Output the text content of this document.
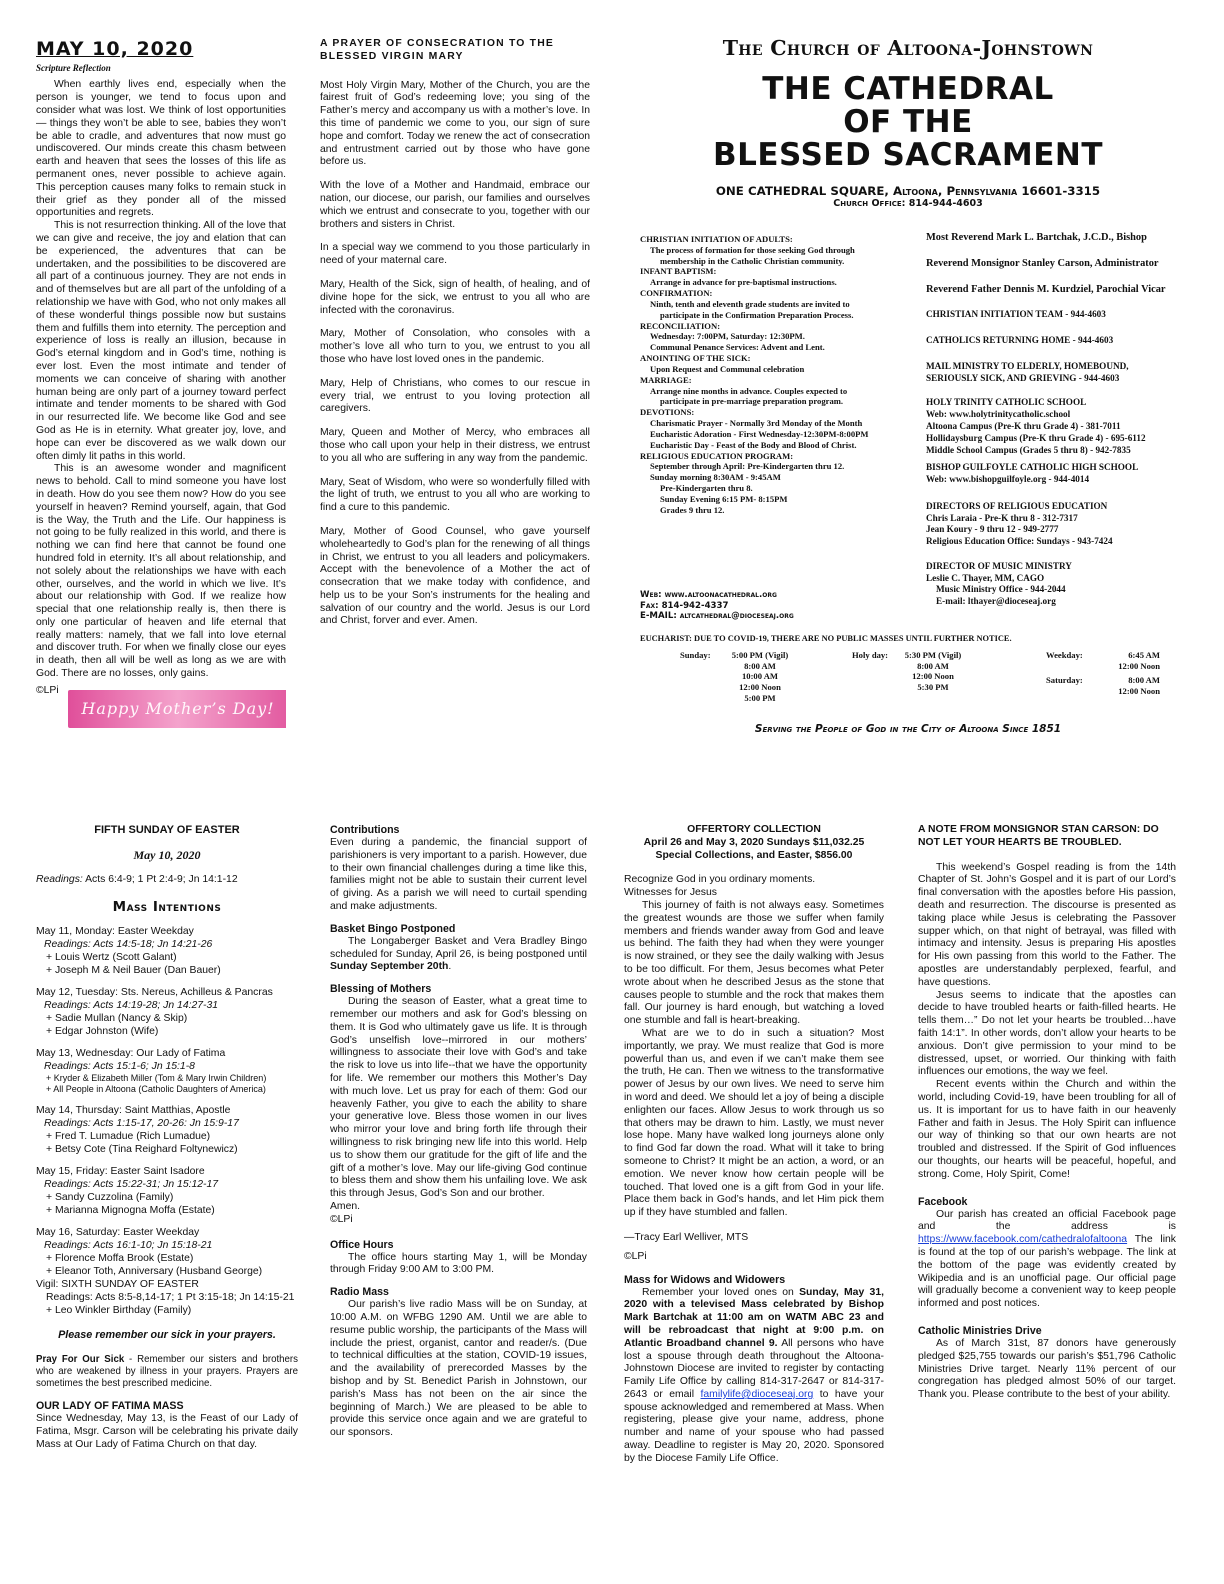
MAY 10, 2020
Scripture Reflection

When earthly lives end, especially when the person is younger, we tend to focus upon and consider what was lost. We think of lost opportunities — things they won’t be able to see, babies they won’t be able to cradle, and adventures that now must go undiscovered. Our minds create this chasm between earth and heaven that sees the losses of this life as permanent ones, never possible to achieve again. This perception causes many folks to remain stuck in their grief as they ponder all of the missed opportunities and regrets.

This is not resurrection thinking. All of the love that we can give and receive, the joy and elation that can be experienced, the adventures that can be undertaken, and the possibilities to be discovered are all part of a continuous journey. They are not ends in and of themselves but are all part of the unfolding of a relationship we have with God, who not only makes all of these wonderful things possible now but sustains them and fulfills them into eternity. The perception and experience of loss is really an illusion, because in God’s eternal kingdom and in God’s time, nothing is ever lost. Even the most intimate and tender of moments we can conceive of sharing with another human being are only part of a journey toward perfect intimate and tender moments to be shared with God in our resurrected life. We become like God and see God as He is in eternity. What greater joy, love, and hope can ever be discovered as we walk down our often dimly lit paths in this world.

This is an awesome wonder and magnificent news to behold. Call to mind someone you have lost in death. How do you see them now? How do you see yourself in heaven? Remind yourself, again, that God is the Way, the Truth and the Life. Our happiness is not going to be fully realized in this world, and there is nothing we can find here that cannot be found one hundred fold in eternity. It’s all about relationship, and not solely about the relationships we have with each other, ourselves, and the world in which we live. It’s about our relationship with God. If we realize how special that one relationship really is, then there is only one particular of heaven and life eternal that really matters: namely, that we fall into love eternal and discover truth. For when we finally close our eyes in death, then all will be well as long as we are with God. There are no losses, only gains.

©LPi
Happy Mother’s Day!
A PRAYER OF CONSECRATION TO THE BLESSED VIRGIN MARY

Most Holy Virgin Mary, Mother of the Church, you are the fairest fruit of God’s redeeming love; you sing of the Father’s mercy and accompany us with a mother’s love. In this time of pandemic we come to you, our sign of sure hope and comfort. Today we renew the act of consecration and entrustment carried out by those who have gone before us.

With the love of a Mother and Handmaid, embrace our nation, our diocese, our parish, our families and ourselves which we entrust and consecrate to you, together with our brothers and sisters in Christ.

In a special way we commend to you those particularly in need of your maternal care.

Mary, Health of the Sick, sign of health, of healing, and of divine hope for the sick, we entrust to you all who are infected with the coronavirus.

Mary, Mother of Consolation, who consoles with a mother’s love all who turn to you, we entrust to you all those who have lost loved ones in the pandemic.

Mary, Help of Christians, who comes to our rescue in every trial, we entrust to you loving protection all caregivers.

Mary, Queen and Mother of Mercy, who embraces all those who call upon your help in their distress, we entrust to you all who are suffering in any way from the pandemic.

Mary, Seat of Wisdom, who were so wonderfully filled with the light of truth, we entrust to you all who are working to find a cure to this pandemic.

Mary, Mother of Good Counsel, who gave yourself wholeheartedly to God’s plan for the renewing of all things in Christ, we entrust to you all leaders and policymakers. Accept with the benevolence of a Mother the act of consecration that we make today with confidence, and help us to be your Son’s instruments for the healing and salvation of our country and the world. Jesus is our Lord and Christ, forver and ever. Amen.

The Church of Altoona-Johnstown
THE CATHEDRAL
OF THE
BLESSED SACRAMENT
ONE CATHEDRAL SQUARE, Altoona, Pennsylvania 16601-3315
Church Office: 814-944-4603
CHRISTIAN INITIATION OF ADULTS:
The process of formation for those seeking God through
membership in the Catholic Christian community.
INFANT BAPTISM:
Arrange in advance for pre-baptismal instructions.
CONFIRMATION:
Ninth, tenth and eleventh grade students are invited to
participate in the Confirmation Preparation Process.
RECONCILIATION:
Wednesday: 7:00PM, Saturday: 12:30PM.
Communal Penance Services: Advent and Lent.
ANOINTING OF THE SICK:
Upon Request and Communal celebration
MARRIAGE:
Arrange nine months in advance. Couples expected to
participate in pre-marriage preparation program.
DEVOTIONS:
Charismatic Prayer - Normally 3rd Monday of the Month
Eucharistic Adoration - First Wednesday-12:30PM-8:00PM
Eucharistic Day - Feast of the Body and Blood of Christ.
RELIGIOUS EDUCATION PROGRAM:
September through April: Pre-Kindergarten thru 12.
Sunday morning 8:30AM - 9:45AM
Pre-Kindergarten thru 8.
Sunday Evening 6:15 PM- 8:15PM
Grades 9 thru 12.
Most Reverend Mark L. Bartchak, J.C.D., Bishop
Reverend Monsignor Stanley Carson, Administrator
Reverend Father Dennis M. Kurdziel, Parochial Vicar
CHRISTIAN INITIATION TEAM - 944-4603
CATHOLICS RETURNING HOME - 944-4603
MAIL MINISTRY TO ELDERLY, HOMEBOUND,
SERIOUSLY SICK, AND GRIEVING - 944-4603
HOLY TRINITY CATHOLIC SCHOOL
Web: www.holytrinitycatholic.school
Altoona Campus (Pre-K thru Grade 4) - 381-7011
Hollidaysburg Campus (Pre-K thru Grade 4) - 695-6112
Middle School Campus (Grades 5 thru 8) - 942-7835
BISHOP GUILFOYLE CATHOLIC HIGH SCHOOL
Web: www.bishopguilfoyle.org - 944-4014
DIRECTORS OF RELIGIOUS EDUCATION
Chris Laraia - Pre-K thru 8 - 312-7317
Jean Koury - 9 thru 12 - 949-2777
Religious Education Office: Sundays - 943-7424
DIRECTOR OF MUSIC MINISTRY
Leslie C. Thayer, MM, CAGO
Music Ministry Office - 944-2044
E-mail: lthayer@dioceseaj.org
Web: www.altoonacathedral.org
Fax: 814-942-4337
E-MAIL: altcathedral@dioceseaj.org
EUCHARIST: DUE TO COVID-19, THERE ARE NO PUBLIC MASSES UNTIL FURTHER NOTICE.
Sunday:	5:00 PM (Vigil)
8:00 AM
10:00 AM
12:00 Noon
5:00 PM
Holy day:	5:30 PM (Vigil)
8:00 AM
12:00 Noon
5:30 PM
Weekday:	6:45 AM
12:00 Noon
Saturday:	8:00 AM
12:00 Noon
Serving the People of God in the City of Altoona Since 1851
FIFTH SUNDAY OF EASTER
May 10, 2020
Readings: Acts 6:4-9; 1 Pt 2:4-9; Jn 14:1-12
Mass Intentions
May 11, Monday: Easter Weekday
Readings: Acts 14:5-18; Jn 14:21-26
+ Louis Wertz (Scott Galant)
+ Joseph M & Neil Bauer (Dan Bauer)
May 12, Tuesday: Sts. Nereus, Achilleus & Pancras
Readings: Acts 14:19-28; Jn 14:27-31
+ Sadie Mullan (Nancy & Skip)
+ Edgar Johnston (Wife)
May 13, Wednesday: Our Lady of Fatima
Readings: Acts 15:1-6; Jn 15:1-8
+ Kryder & Elizabeth Miller (Tom & Mary Irwin Children)
+ All People in Altoona (Catholic Daughters of America)
May 14, Thursday: Saint Matthias, Apostle
Readings: Acts 1:15-17, 20-26: Jn 15:9-17
+ Fred T. Lumadue (Rich Lumadue)
+ Betsy Cote (Tina Reighard Foltynewicz)
May 15, Friday: Easter Saint Isadore
Readings: Acts 15:22-31; Jn 15:12-17
+ Sandy Cuzzolina (Family)
+ Marianna Mignogna Moffa (Estate)
May 16, Saturday: Easter Weekday
Readings: Acts 16:1-10; Jn 15:18-21
+ Florence Moffa Brook (Estate)
+ Eleanor Toth, Anniversary (Husband George)
Vigil: SIXTH SUNDAY OF EASTER
Readings: Acts 8:5-8,14-17; 1 Pt 3:15-18; Jn 14:15-21
+ Leo Winkler Birthday (Family)
Please remember our sick in your prayers.

Pray For Our Sick - Remember our sisters and brothers who are weakened by illness in your prayers. Prayers are sometimes the best prescribed medicine.

OUR LADY OF FATIMA MASS

Since Wednesday, May 13, is the Feast of our Lady of Fatima, Msgr. Carson will be celebrating his private daily Mass at Our Lady of Fatima Church on that day.

Contributions

Even during a pandemic, the financial support of parishioners is very important to a parish. However, due to their own financial challenges during a time like this, families might not be able to sustain their current level of giving. As a parish we will need to curtail spending and make adjustments.

Basket Bingo Postponed

The Longaberger Basket and Vera Bradley Bingo scheduled for Sunday, April 26, is being postponed until Sunday September 20th.

Blessing of Mothers

During the season of Easter, what a great time to remember our mothers and ask for God’s blessing on them. It is God who ultimately gave us life. It is through God’s unselfish love--mirrored in our mothers’ willingness to associate their love with God’s and take the risk to love us into life--that we have the opportunity for life. We remember our mothers this Mother’s Day with much love. Let us pray for each of them: God our heavenly Father, you give to each the ability to share your generative love. Bless those women in our lives who mirror your love and bring forth life through their willingness to risk bringing new life into this world. Help us to show them our gratitude for the gift of life and the gift of a mother’s love. May our life-giving God continue to bless them and show them his unfailing love. We ask this through Jesus, God’s Son and our brother.

Amen.
©LPi
Office Hours

The office hours starting May 1, will be Monday through Friday 9:00 AM to 3:00 PM.

Radio Mass

Our parish’s live radio Mass will be on Sunday, at 10:00 A.M. on WFBG 1290 AM. Until we are able to resume public worship, the participants of the Mass will include the priest, organist, cantor and reader/s. (Due to technical difficulties at the station, COVID-19 issues, and the availability of prerecorded Masses by the bishop and by St. Benedict Parish in Johnstown, our parish’s Mass has not been on the air since the beginning of March.) We are pleased to be able to provide this service once again and we are grateful to our sponsors.

OFFERTORY COLLECTION
April 26 and May 3, 2020 Sundays $11,032.25
Special Collections, and Easter, $856.00
Recognize God in you ordinary moments.
Witnesses for Jesus

This journey of faith is not always easy. Sometimes the greatest wounds are those we suffer when family members and friends wander away from God and leave us behind. The faith they had when they were younger is now strained, or they see the daily walking with Jesus to be too difficult. For them, Jesus becomes what Peter wrote about when he described Jesus as the stone that causes people to stumble and the rock that makes them fall. Our journey is hard enough, but watching a loved one stumble and fall is heart-breaking.

What are we to do in such a situation? Most importantly, we pray. We must realize that God is more powerful than us, and even if we can’t make them see the truth, He can. Then we witness to the transformative power of Jesus by our own lives. We need to serve him in word and deed. We should let a joy of being a disciple enlighten our faces. Allow Jesus to work through us so that others may be drawn to him. Lastly, we must never lose hope. Many have walked long journeys alone only to find God far down the road. What will it take to bring someone to Christ? It might be an action, a word, or an emotion. We never know how certain people will be touched. That loved one is a gift from God in your life. Place them back in God’s hands, and let Him pick them up if they have stumbled and fallen.

—Tracy Earl Welliver, MTS
©LPi
Mass for Widows and Widowers

Remember your loved ones on Sunday, May 31, 2020 with a televised Mass celebrated by Bishop Mark Bartchak at 11:00 am on WATM ABC 23 and will be rebroadcast that night at 9:00 p.m. on Atlantic Broadband channel 9. All persons who have lost a spouse through death throughout the Altoona-Johnstown Diocese are invited to register by contacting Family Life Office by calling 814-317-2647 or 814-317-2643 or email familylife@dioceseaj.org to have your spouse acknowledged and remembered at Mass. When registering, please give your name, address, phone number and name of your spouse who had passed away. Deadline to register is May 20, 2020. Sponsored by the Diocese Family Life Office.

A NOTE FROM MONSIGNOR STAN CARSON: DO NOT LET YOUR HEARTS BE TROUBLED.

This weekend’s Gospel reading is from the 14th Chapter of St. John’s Gospel and it is part of our Lord’s final conversation with the apostles before His passion, death and resurrection. The discourse is presented as taking place while Jesus is celebrating the Passover supper which, on that night of betrayal, was filled with intimacy and intensity. Jesus is preparing His apostles for His own passing from this world to the Father. The apostles are understandably perplexed, fearful, and have questions.

Jesus seems to indicate that the apostles can decide to have troubled hearts or faith-filled hearts. He tells them…” Do not let your hearts be troubled…have faith 14:1”. In other words, don’t allow your hearts to be anxious. Don’t give permission to your mind to be distressed, upset, or worried. Our thinking with faith influences our emotions, the way we feel.

Recent events within the Church and within the world, including Covid-19, have been troubling for all of us. It is important for us to have faith in our heavenly Father and faith in Jesus. The Holy Spirit can influence our way of thinking so that our own hearts are not troubled and distressed. If the Spirit of God influences our thoughts, our hearts will be peaceful, hopeful, and strong. Come, Holy Spirit, Come!

Facebook

Our parish has created an official Facebook page and the address is https://www.facebook.com/cathedralofaltoona The link is found at the top of our parish’s webpage. The link at the bottom of the page was evidently created by Wikipedia and is an unofficial page. Our official page will gradually become a convenient way to keep people informed and post notices.

Catholic Ministries Drive

As of March 31st, 87 donors have generously pledged $25,755 towards our parish’s $51,796 Catholic Ministries Drive target. Nearly 11% percent of our congregation has pledged almost 50% of our target. Thank you. Please contribute to the best of your ability.
